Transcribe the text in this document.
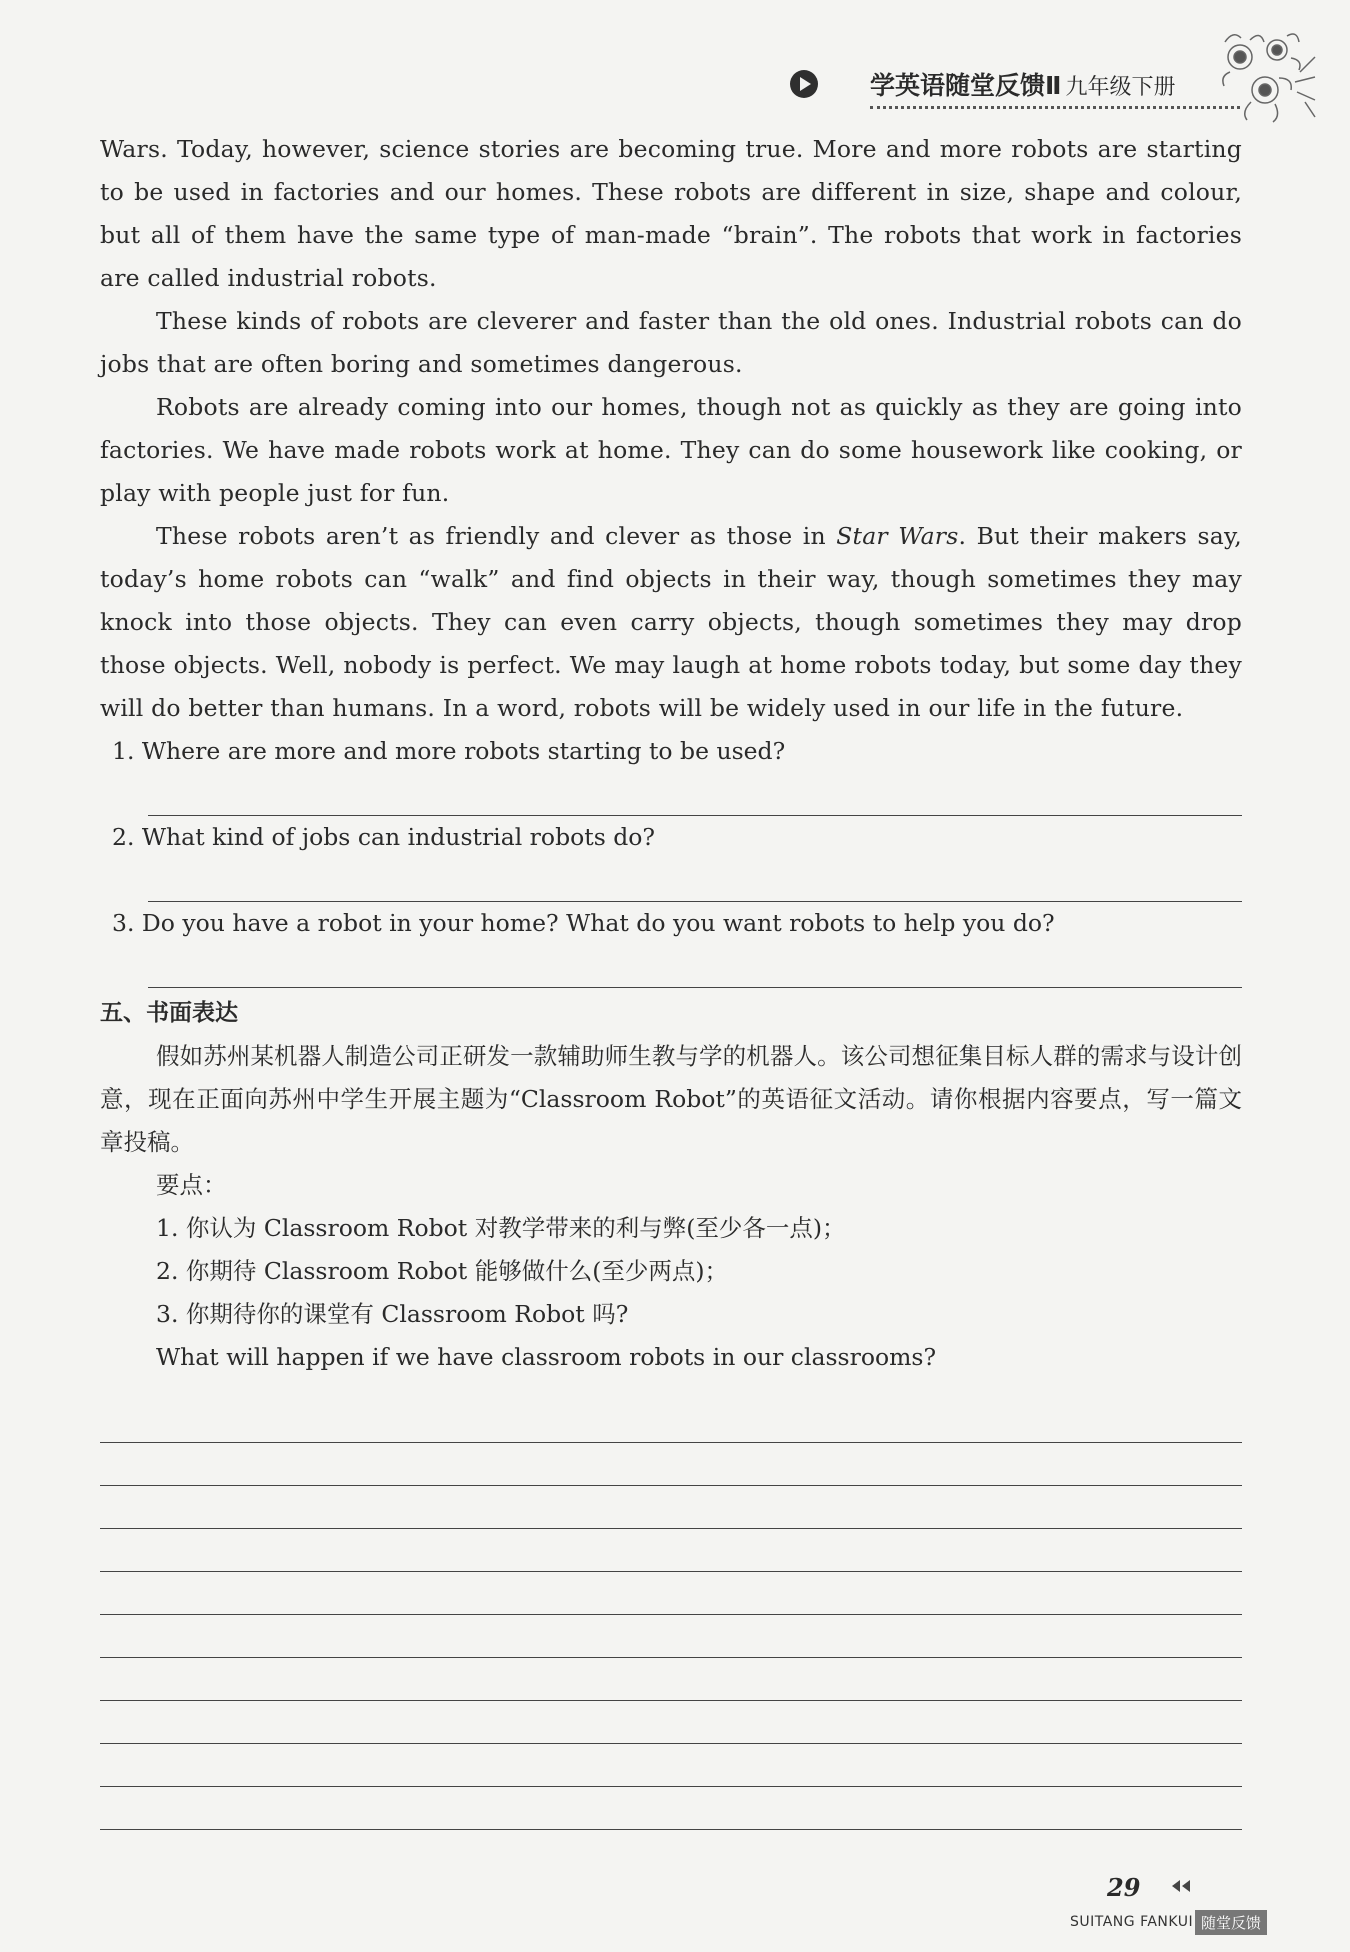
学英语随堂反馈Ⅱ 九年级下册

Wars. Today, however, science stories are becoming true. More and more robots are starting to be used in factories and our homes. These robots are different in size, shape and colour, but all of them have the same type of man-made “brain”. The robots that work in factories are called industrial robots.

These kinds of robots are cleverer and faster than the old ones. Industrial robots can do jobs that are often boring and sometimes dangerous.

Robots are already coming into our homes, though not as quickly as they are going into factories. We have made robots work at home. They can do some housework like cooking, or play with people just for fun.

These robots aren’t as friendly and clever as those in Star Wars. But their makers say, today’s home robots can “walk” and find objects in their way, though sometimes they may knock into those objects. They can even carry objects, though sometimes they may drop those objects. Well, nobody is perfect. We may laugh at home robots today, but some day they will do better than humans. In a word, robots will be widely used in our life in the future.

1. Where are more and more robots starting to be used?

2. What kind of jobs can industrial robots do?

3. Do you have a robot in your home? What do you want robots to help you do?

五、书面表达

假如苏州某机器人制造公司正研发一款辅助师生教与学的机器人。该公司想征集目标人群的需求与设计创意，现在正面向苏州中学生开展主题为“Classroom Robot”的英语征文活动。请你根据内容要点，写一篇文章投稿。

要点：

1. 你认为 Classroom Robot 对教学带来的利与弊(至少各一点)；

2. 你期待 Classroom Robot 能够做什么(至少两点)；

3. 你期待你的课堂有 Classroom Robot 吗?

What will happen if we have classroom robots in our classrooms?

29
SUITANG FANKUI 随堂反馈
